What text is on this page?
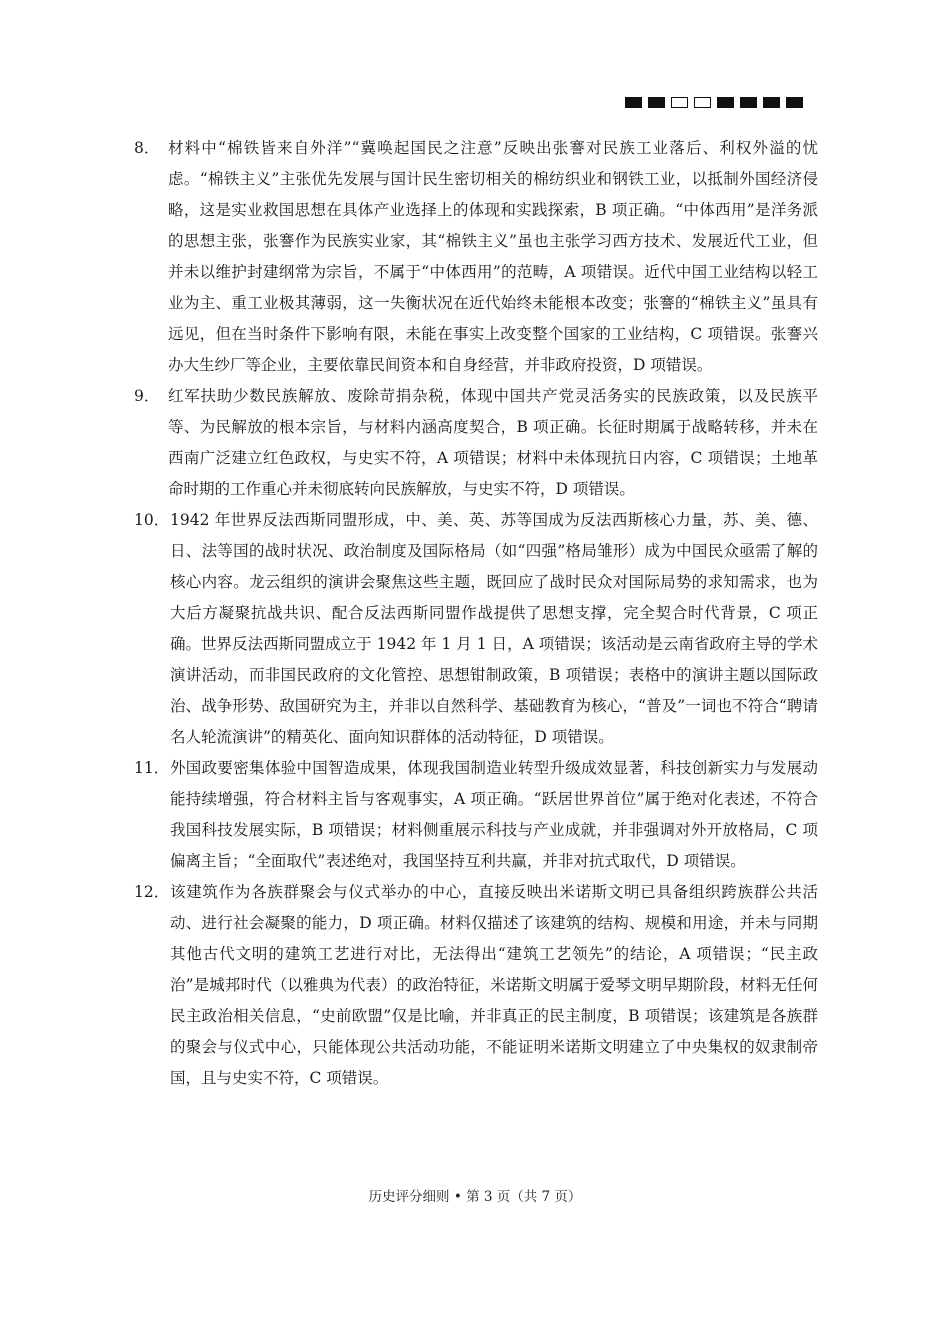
8． 材料中“棉铁皆来自外洋”“冀唤起国民之注意”反映出张謇对民族工业落后、利权外溢的忧虑。“棉铁主义”主张优先发展与国计民生密切相关的棉纺织业和钢铁工业，以抵制外国经济侵略，这是实业救国思想在具体产业选择上的体现和实践探索，B 项正确。“中体西用”是洋务派的思想主张，张謇作为民族实业家，其“棉铁主义”虽也主张学习西方技术、发展近代工业，但并未以维护封建纲常为宗旨，不属于“中体西用”的范畴，A 项错误。近代中国工业结构以轻工业为主、重工业极其薄弱，这一失衡状况在近代始终未能根本改变；张謇的“棉铁主义”虽具有远见，但在当时条件下影响有限，未能在事实上改变整个国家的工业结构，C 项错误。张謇兴办大生纱厂等企业，主要依靠民间资本和自身经营，并非政府投资，D 项错误。

9． 红军扶助少数民族解放、废除苛捐杂税，体现中国共产党灵活务实的民族政策，以及民族平等、为民解放的根本宗旨，与材料内涵高度契合，B 项正确。长征时期属于战略转移，并未在西南广泛建立红色政权，与史实不符，A 项错误；材料中未体现抗日内容，C 项错误；土地革命时期的工作重心并未彻底转向民族解放，与史实不符，D 项错误。

10． 1942 年世界反法西斯同盟形成，中、美、英、苏等国成为反法西斯核心力量，苏、美、德、日、法等国的战时状况、政治制度及国际格局（如“四强”格局雏形）成为中国民众亟需了解的核心内容。龙云组织的演讲会聚焦这些主题，既回应了战时民众对国际局势的求知需求，也为大后方凝聚抗战共识、配合反法西斯同盟作战提供了思想支撑，完全契合时代背景，C 项正确。世界反法西斯同盟成立于 1942 年 1 月 1 日，A 项错误；该活动是云南省政府主导的学术演讲活动，而非国民政府的文化管控、思想钳制政策，B 项错误；表格中的演讲主题以国际政治、战争形势、敌国研究为主，并非以自然科学、基础教育为核心，“普及”一词也不符合“聘请名人轮流演讲”的精英化、面向知识群体的活动特征，D 项错误。

11． 外国政要密集体验中国智造成果，体现我国制造业转型升级成效显著，科技创新实力与发展动能持续增强，符合材料主旨与客观事实，A 项正确。“跃居世界首位”属于绝对化表述，不符合我国科技发展实际，B 项错误；材料侧重展示科技与产业成就，并非强调对外开放格局，C 项偏离主旨；“全面取代”表述绝对，我国坚持互利共赢，并非对抗式取代，D 项错误。

12． 该建筑作为各族群聚会与仪式举办的中心，直接反映出米诺斯文明已具备组织跨族群公共活动、进行社会凝聚的能力，D 项正确。材料仅描述了该建筑的结构、规模和用途，并未与同期其他古代文明的建筑工艺进行对比，无法得出“建筑工艺领先”的结论，A 项错误；“民主政治”是城邦时代（以雅典为代表）的政治特征，米诺斯文明属于爱琴文明早期阶段，材料无任何民主政治相关信息，“史前欧盟”仅是比喻，并非真正的民主制度，B 项错误；该建筑是各族群的聚会与仪式中心，只能体现公共活动功能，不能证明米诺斯文明建立了中央集权的奴隶制帝国，且与史实不符，C 项错误。

历史评分细则 • 第 3 页（共 7 页）
